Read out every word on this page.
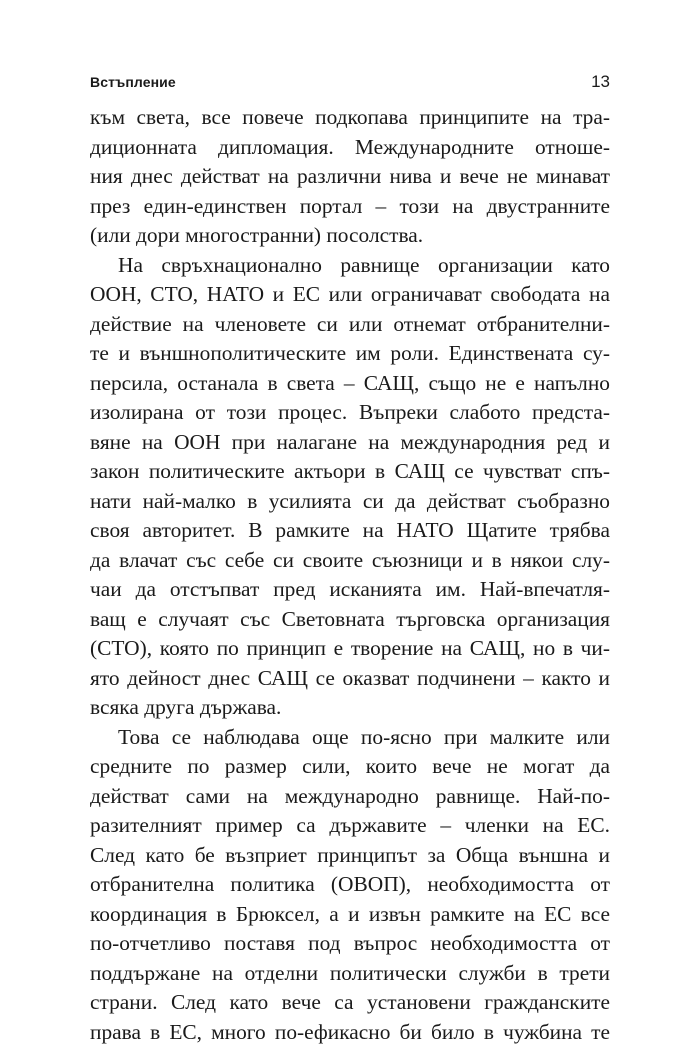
Встъпление	13
към света, все повече подкопава принципите на тра-
диционната дипломация. Международните отноше-
ния днес действат на различни нива и вече не минават
през един-единствен портал – този на двустранните
(или дори многостранни) посолства.
На свръхнационално равнище организации като
ООН, СТО, НАТО и ЕС или ограничават свободата на
действие на членовете си или отнемат отбранителни-
те и външнополитическите им роли. Единствената су-
персила, останала в света – САЩ, също не е напълно
изолирана от този процес. Въпреки слабото предста-
вяне на ООН при налагане на международния ред и
закон политическите актьори в САЩ се чувстват спъ-
нати най-малко в усилията си да действат съобразно
своя авторитет. В рамките на НАТО Щатите трябва
да влачат със себе си своите съюзници и в някои слу-
чаи да отстъпват пред исканията им. Най-впечатля-
ващ е случаят със Световната търговска организация
(СТО), която по принцип е творение на САЩ, но в чи-
ято дейност днес САЩ се оказват подчинени – както и
всяка друга държава.
Това се наблюдава още по-ясно при малките или
средните по размер сили, които вече не могат да
действат сами на международно равнище. Най-по-
разителният пример са държавите – членки на ЕС.
След като бе възприет принципът за Обща външна и
отбранителна политика (ОВОП), необходимостта от
координация в Брюксел, а и извън рамките на ЕС все
по-отчетливо поставя под въпрос необходимостта от
поддържане на отделни политически служби в трети
страни. След като вече са установени гражданските
права в ЕС, много по-ефикасно би било в чужбина те
